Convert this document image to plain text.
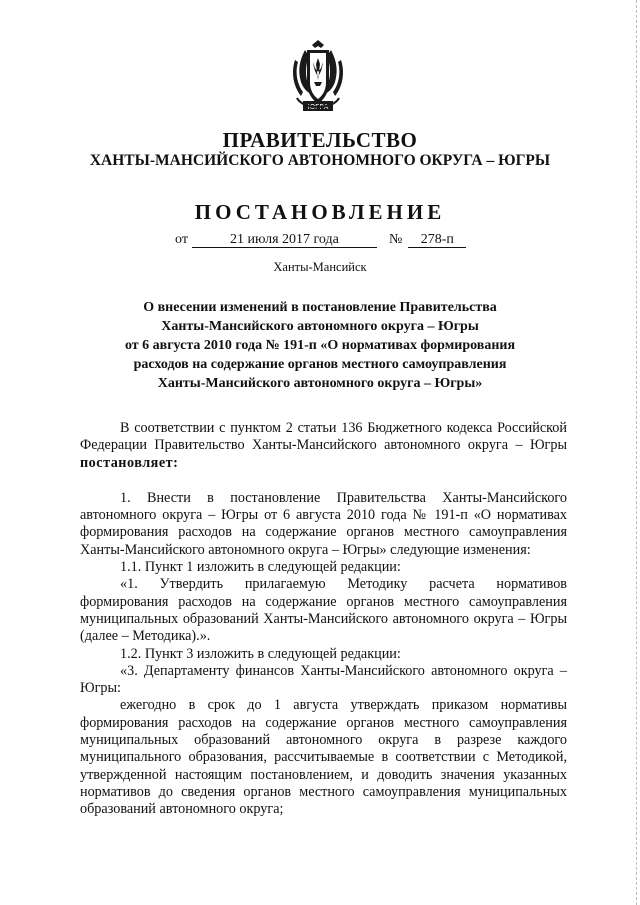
ЮГРА
ПРАВИТЕЛЬСТВО
ХАНТЫ-МАНСИЙСКОГО АВТОНОМНОГО ОКРУГА – ЮГРЫ
ПОСТАНОВЛЕНИЕ
от	21 июля 2017 года	№ 278-п
Ханты-Мансийск
О внесении изменений в постановление Правительства
Ханты-Мансийского автономного округа – Югры
от 6 августа 2010 года № 191-п «О нормативах формирования
расходов на содержание органов местного самоуправления
Ханты-Мансийского автономного округа – Югры»
В соответствии с пунктом 2 статьи 136 Бюджетного кодекса Российской Федерации Правительство Ханты-Мансийского автономного округа – Югры постановляет:
1. Внести в постановление Правительства Ханты-Мансийского автономного округа – Югры от 6 августа 2010 года № 191-п «О нормативах формирования расходов на содержание органов местного самоуправления Ханты-Мансийского автономного округа – Югры» следующие изменения:
1.1. Пункт 1 изложить в следующей редакции:
«1. Утвердить прилагаемую Методику расчета нормативов формирования расходов на содержание органов местного самоуправления муниципальных образований Ханты-Мансийского автономного округа – Югры (далее – Методика).».
1.2. Пункт 3 изложить в следующей редакции:
«3. Департаменту финансов Ханты-Мансийского автономного округа – Югры:
ежегодно в срок до 1 августа утверждать приказом нормативы формирования расходов на содержание органов местного самоуправления муниципальных образований автономного округа в разрезе каждого муниципального образования, рассчитываемые в соответствии с Методикой, утвержденной настоящим постановлением, и доводить значения указанных нормативов до сведения органов местного самоуправления муниципальных образований автономного округа;
